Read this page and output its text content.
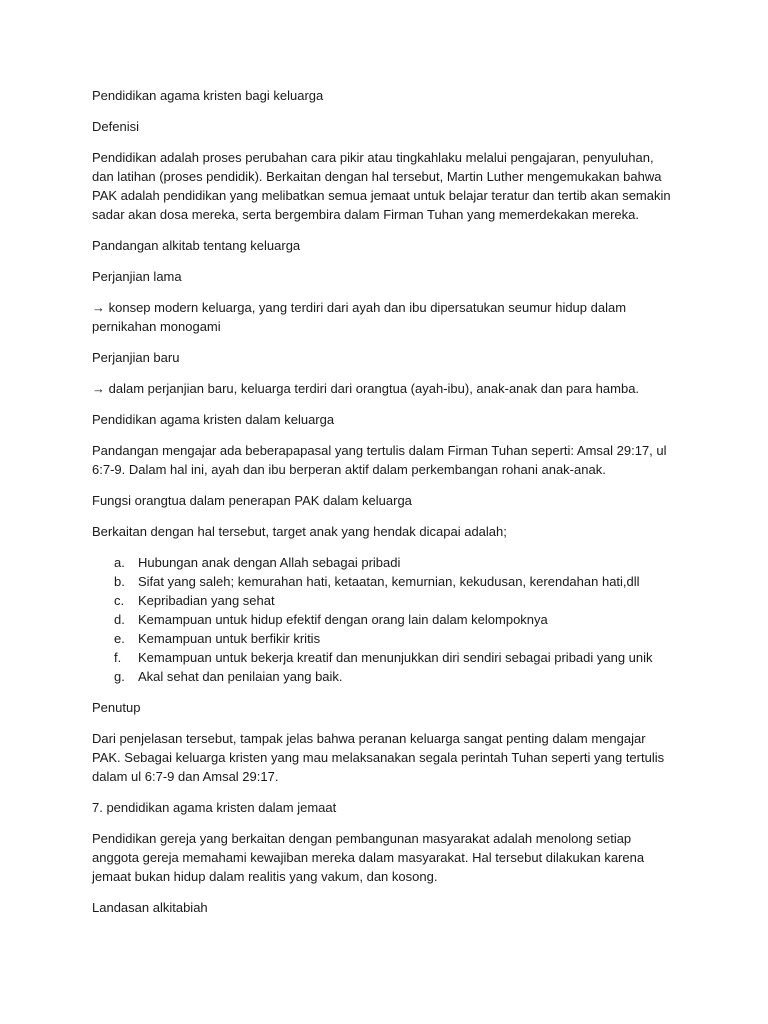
Pendidikan agama kristen bagi keluarga

Defenisi

Pendidikan adalah proses perubahan cara pikir atau tingkahlaku melalui pengajaran, penyuluhan, dan latihan (proses pendidik). Berkaitan dengan hal tersebut, Martin Luther mengemukakan bahwa PAK adalah pendidikan yang melibatkan semua jemaat untuk belajar teratur dan tertib akan semakin sadar akan dosa mereka, serta bergembira dalam Firman Tuhan yang memerdekakan mereka.

Pandangan alkitab tentang keluarga

Perjanjian lama

→ konsep modern keluarga, yang terdiri dari ayah dan ibu dipersatukan seumur hidup dalam pernikahan monogami

Perjanjian baru

→ dalam perjanjian baru, keluarga terdiri dari orangtua (ayah-ibu), anak-anak dan para hamba.

Pendidikan agama kristen dalam keluarga

Pandangan mengajar ada beberapapasal yang tertulis dalam Firman Tuhan seperti: Amsal 29:17, ul 6:7-9. Dalam hal ini, ayah dan ibu berperan aktif dalam perkembangan rohani anak-anak.

Fungsi orangtua dalam penerapan PAK dalam keluarga

Berkaitan dengan hal tersebut, target anak yang hendak dicapai adalah;

a. Hubungan anak dengan Allah sebagai pribadi
b. Sifat yang saleh; kemurahan hati, ketaatan, kemurnian, kekudusan, kerendahan hati,dll
c. Kepribadian yang sehat
d. Kemampuan untuk hidup efektif dengan orang lain dalam kelompoknya
e. Kemampuan untuk berfikir kritis
f. Kemampuan untuk bekerja kreatif dan menunjukkan diri sendiri sebagai pribadi yang unik
g. Akal sehat dan penilaian yang baik.

Penutup

Dari penjelasan tersebut, tampak jelas bahwa peranan keluarga sangat penting dalam mengajar PAK. Sebagai keluarga kristen yang mau melaksanakan segala perintah Tuhan seperti yang tertulis dalam ul 6:7-9 dan Amsal 29:17.

7. pendidikan agama kristen dalam jemaat

Pendidikan gereja yang berkaitan dengan pembangunan masyarakat adalah menolong setiap anggota gereja memahami kewajiban mereka dalam masyarakat. Hal tersebut dilakukan karena jemaat bukan hidup dalam realitis yang vakum, dan kosong.

Landasan alkitabiah
